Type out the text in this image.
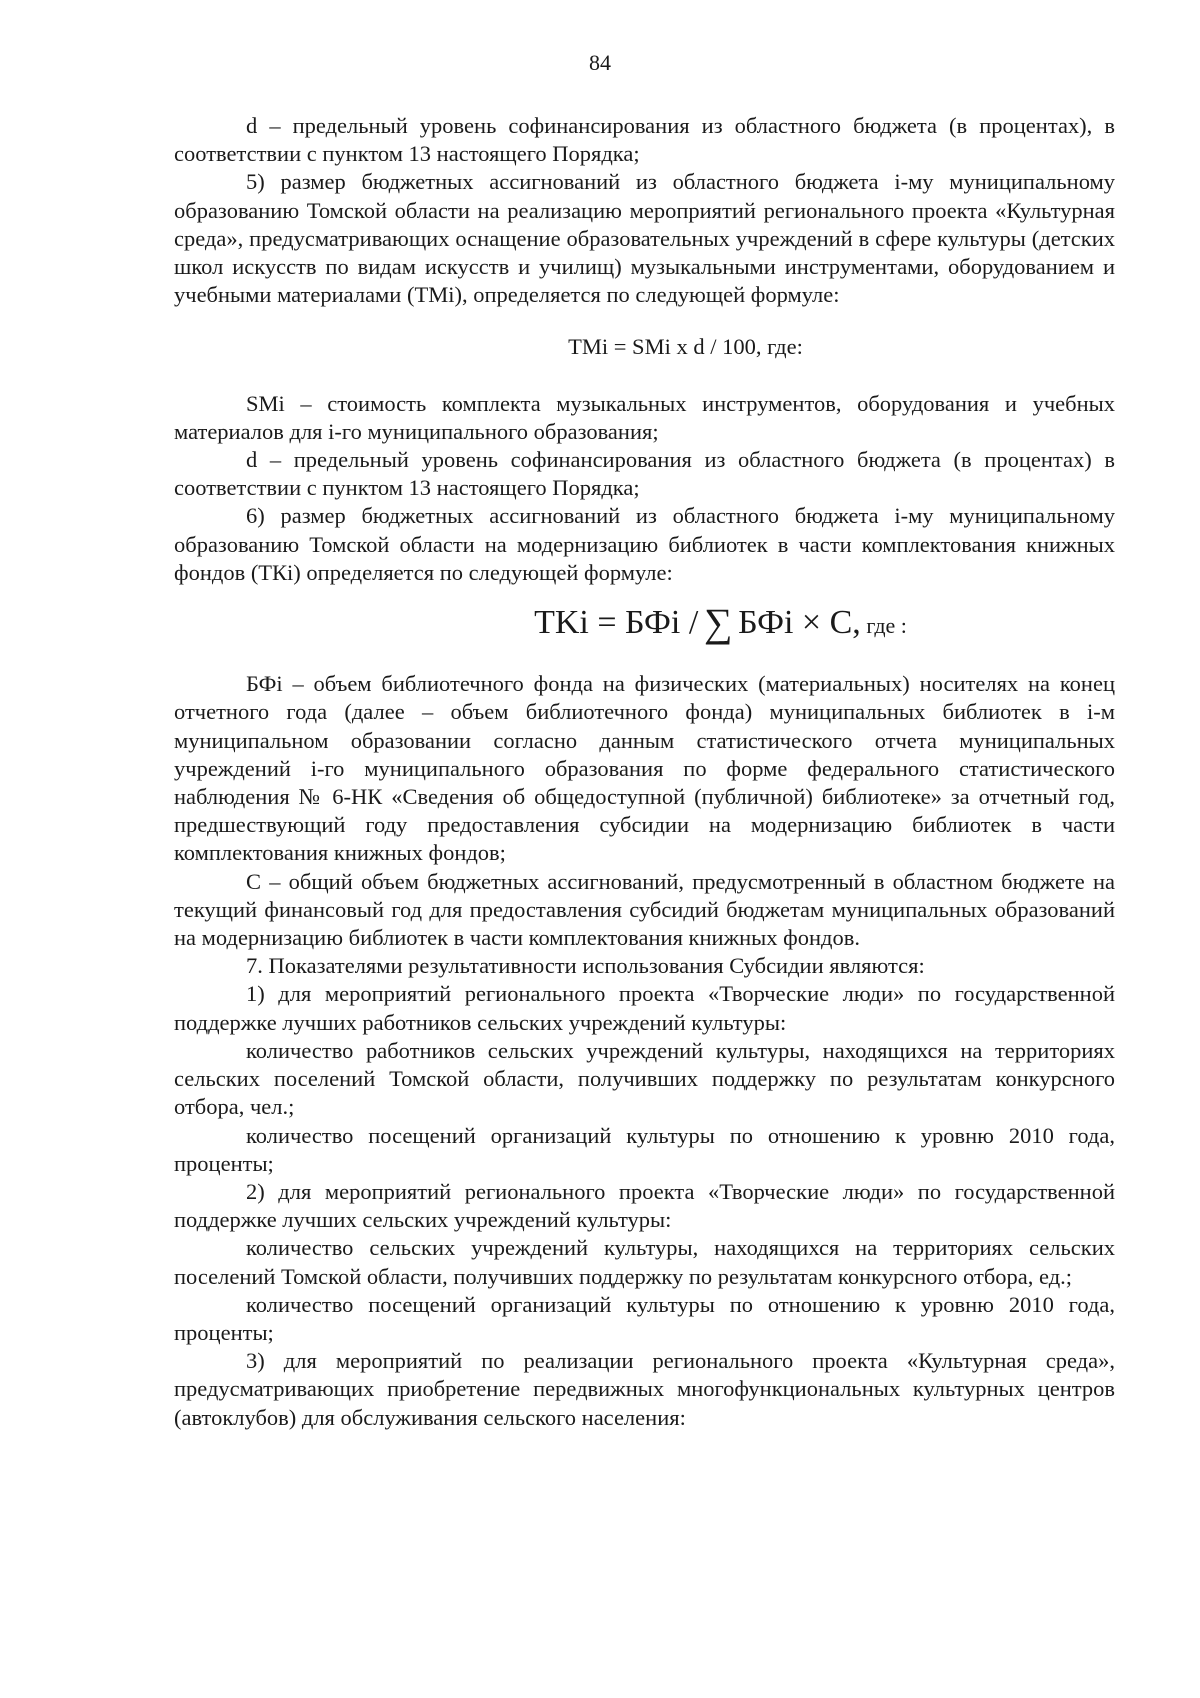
84

d – предельный уровень софинансирования из областного бюджета (в процентах), в соответствии с пунктом 13 настоящего Порядка;

5) размер бюджетных ассигнований из областного бюджета i-му муниципальному образованию Томской области на реализацию мероприятий регионального проекта «Культурная среда», предусматривающих оснащение образовательных учреждений в сфере культуры (детских школ искусств по видам искусств и училищ) музыкальными инструментами, оборудованием и учебными материалами (TMi), определяется по следующей формуле:

TMi = SMi x d / 100, где:

SMi – стоимость комплекта музыкальных инструментов, оборудования и учебных материалов для i-го муниципального образования;

d – предельный уровень софинансирования из областного бюджета (в процентах) в соответствии с пунктом 13 настоящего Порядка;

6) размер бюджетных ассигнований из областного бюджета i-му муниципальному образованию Томской области на модернизацию библиотек в части комплектования книжных фондов (ТКi) определяется по следующей формуле:

TKi = БФi / ∑ БФi × C, где :

БФi – объем библиотечного фонда на физических (материальных) носителях на конец отчетного года (далее – объем библиотечного фонда) муниципальных библиотек в i-м муниципальном образовании согласно данным статистического отчета муниципальных учреждений i-го муниципального образования по форме федерального статистического наблюдения № 6-НК «Сведения об общедоступной (публичной) библиотеке» за отчетный год, предшествующий году предоставления субсидии на модернизацию библиотек в части комплектования книжных фондов;

С – общий объем бюджетных ассигнований, предусмотренный в областном бюджете на текущий финансовый год для предоставления субсидий бюджетам муниципальных образований на модернизацию библиотек в части комплектования книжных фондов.

7. Показателями результативности использования Субсидии являются:

1) для мероприятий регионального проекта «Творческие люди» по государственной поддержке лучших работников сельских учреждений культуры:

количество работников сельских учреждений культуры, находящихся на территориях сельских поселений Томской области, получивших поддержку по результатам конкурсного отбора, чел.;

количество посещений организаций культуры по отношению к уровню 2010 года, проценты;

2) для мероприятий регионального проекта «Творческие люди» по государственной поддержке лучших сельских учреждений культуры:

количество сельских учреждений культуры, находящихся на территориях сельских поселений Томской области, получивших поддержку по результатам конкурсного отбора, ед.;

количество посещений организаций культуры по отношению к уровню 2010 года, проценты;

3) для мероприятий по реализации регионального проекта «Культурная среда», предусматривающих приобретение передвижных многофункциональных культурных центров (автоклубов) для обслуживания сельского населения:
